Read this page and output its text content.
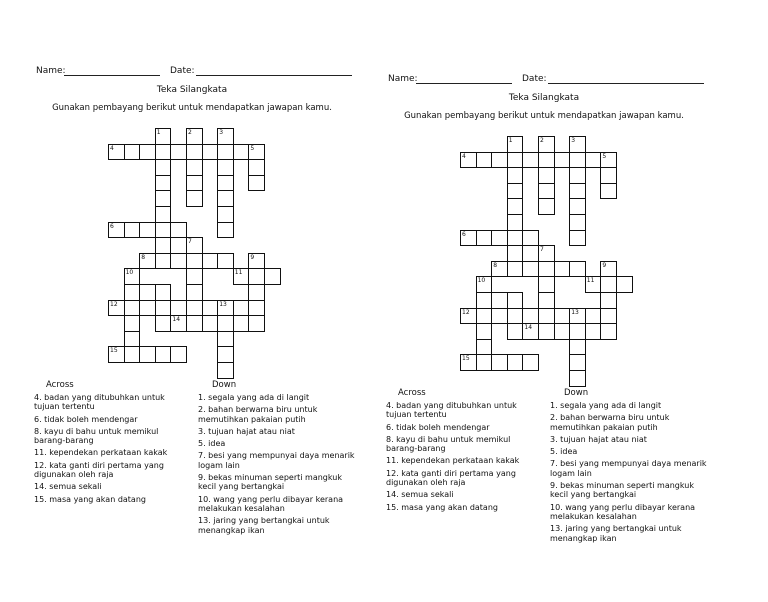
Name:	Date:
Teka Silangkata
Gunakan pembayang berikut untuk mendapatkan jawapan kamu.
4	5
1	2	3
6
7
8	9
10	11
12	13
14
15
Across
4. badan yang ditubuhkan untuk tujuan tertentu
6. tidak boleh mendengar
8. kayu di bahu untuk memikul barang-barang
11. kependekan perkataan kakak
12. kata ganti diri pertama yang digunakan oleh raja
14. semua sekali
15. masa yang akan datang
Down
1. segala yang ada di langit
2. bahan berwarna biru untuk memutihkan pakaian putih
3. tujuan hajat atau niat
5. idea
7. besi yang mempunyai daya menarik logam lain
9. bekas minuman seperti mangkuk kecil yang bertangkai
10. wang yang perlu dibayar kerana melakukan kesalahan
13. jaring yang bertangkai untuk menangkap ikan
Name:	Date:
Teka Silangkata
Gunakan pembayang berikut untuk mendapatkan jawapan kamu.
4	5
1	2	3
6
7
8	9
10	11
12	13
14
15
Across
4. badan yang ditubuhkan untuk tujuan tertentu
6. tidak boleh mendengar
8. kayu di bahu untuk memikul barang-barang
11. kependekan perkataan kakak
12. kata ganti diri pertama yang digunakan oleh raja
14. semua sekali
15. masa yang akan datang
Down
1. segala yang ada di langit
2. bahan berwarna biru untuk memutihkan pakaian putih
3. tujuan hajat atau niat
5. idea
7. besi yang mempunyai daya menarik logam lain
9. bekas minuman seperti mangkuk kecil yang bertangkai
10. wang yang perlu dibayar kerana melakukan kesalahan
13. jaring yang bertangkai untuk menangkap ikan
